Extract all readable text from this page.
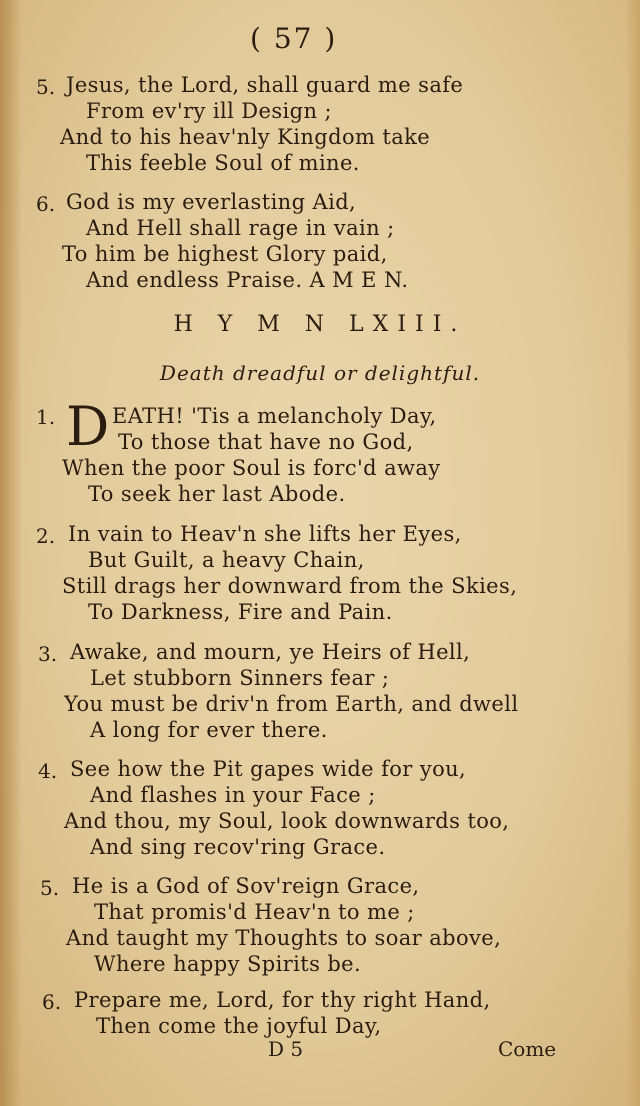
( 57 )
5. Jesus, the Lord, shall guard me safe
From ev'ry ill Design ;
And to his heav'nly Kingdom take
This feeble Soul of mine.
6. God is my everlasting Aid,
And Hell shall rage in vain ;
To him be highest Glory paid,
And endless Praise. A M E N.
H Y M N LXIII.
Death dreadful or delightful.
1. D EATH! 'Tis a melancholy Day,
To those that have no God,
When the poor Soul is forc'd away
To seek her last Abode.
2. In vain to Heav'n she lifts her Eyes,
But Guilt, a heavy Chain,
Still drags her downward from the Skies,
To Darkness, Fire and Pain.
3. Awake, and mourn, ye Heirs of Hell,
Let stubborn Sinners fear ;
You must be driv'n from Earth, and dwell
A long for ever there.
4. See how the Pit gapes wide for you,
And flashes in your Face ;
And thou, my Soul, look downwards too,
And sing recov'ring Grace.
5. He is a God of Sov'reign Grace,
That promis'd Heav'n to me ;
And taught my Thoughts to soar above,
Where happy Spirits be.
6. Prepare me, Lord, for thy right Hand,
Then come the joyful Day,
D 5	Come
